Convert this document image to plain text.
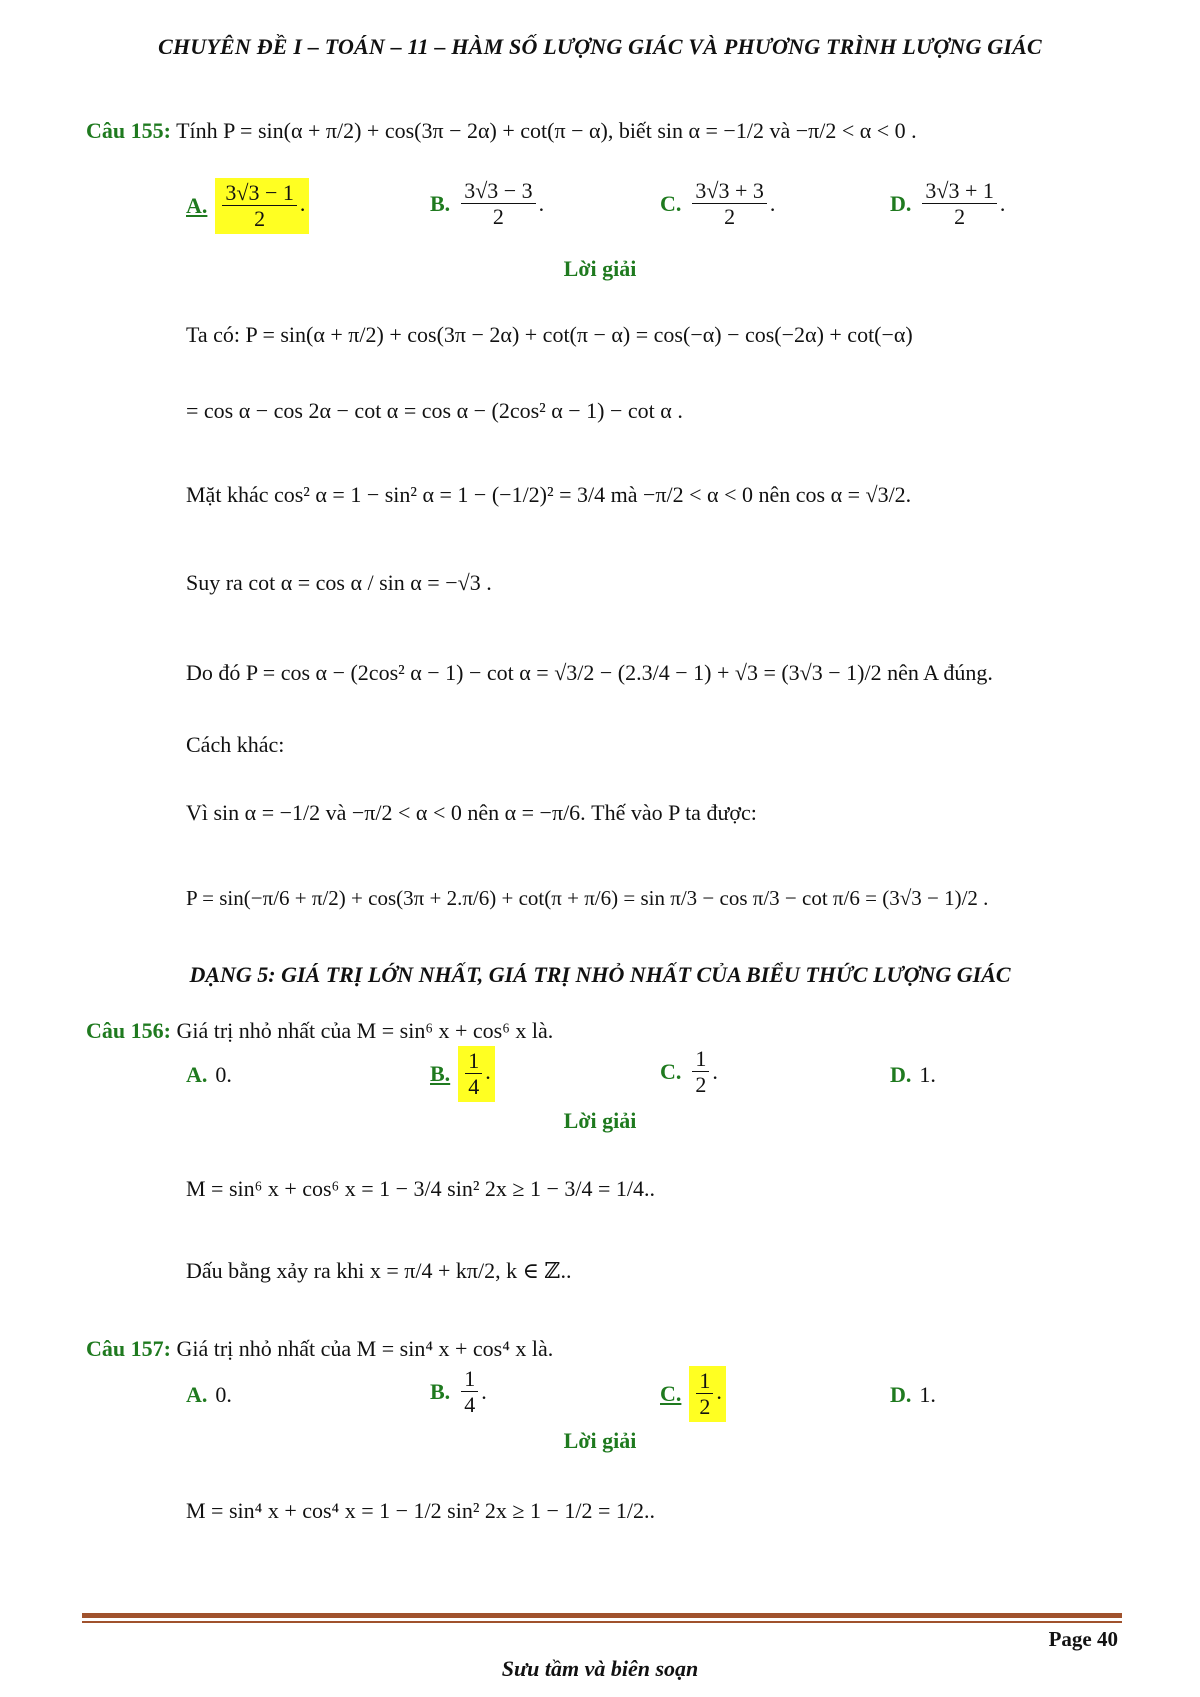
CHUYÊN ĐỀ I – TOÁN – 11 – HÀM SỐ LƯỢNG GIÁC VÀ PHƯƠNG TRÌNH LƯỢNG GIÁC
Câu 155: Tính P = sin(α + π/2) + cos(3π − 2α) + cot(π − α), biết sin α = −1/2 và −π/2 < α < 0 .
A. $\frac{3√3 - 1}{2}$ .	B. $\frac{3√3 - 3}{2}$ .	C. $\frac{3√3 + 3}{2}$ .	D. $\frac{3√3 + 1}{2}$ .
Lời giải
Ta có: P = sin(α + π/2) + cos(3π − 2α) + cot(π − α) = cos(−α) − cos(−2α) + cot(−α)
= cos α − cos 2α − cot α = cos α − (2cos² α − 1) − cot α .
Mặt khác cos² α = 1 − sin² α = 1 − (−1/2)² = 3/4 mà −π/2 < α < 0 nên cos α = √3/2.
Suy ra cot α = cos α / sin α = −√3 .
Do đó P = cos α − (2cos² α − 1) − cot α = √3/2 − (2.3/4 − 1) + √3 = (3√3 − 1)/2 nên A đúng.
Cách khác:
Vì sin α = −1/2 và −π/2 < α < 0 nên α = −π/6. Thế vào P ta được:
P = sin(−π/6 + π/2) + cos(3π + 2.π/6) + cot(π + π/6) = sin π/3 − cos π/3 − cot π/6 = (3√3 − 1)/2 .
DẠNG 5: GIÁ TRỊ LỚN NHẤT, GIÁ TRỊ NHỎ NHẤT CỦA BIỂU THỨC LƯỢNG GIÁC
Câu 156: Giá trị nhỏ nhất của M = sin⁶ x + cos⁶ x là.
A. 0.	B. $\frac{1}{4}$ .	C. $\frac{1}{2}$ .	D. 1.
Lời giải
M = sin⁶ x + cos⁶ x = 1 − 3/4 sin² 2x ≥ 1 − 3/4 = 1/4..
Dấu bằng xảy ra khi x = π/4 + kπ/2, k ∈ ℤ..
Câu 157: Giá trị nhỏ nhất của M = sin⁴ x + cos⁴ x là.
A. 0.	B. $\frac{1}{4}$ .	C. $\frac{1}{2}$ .	D. 1.
Lời giải
M = sin⁴ x + cos⁴ x = 1 − 1/2 sin² 2x ≥ 1 − 1/2 = 1/2..
Page 40
Sưu tầm và biên soạn
